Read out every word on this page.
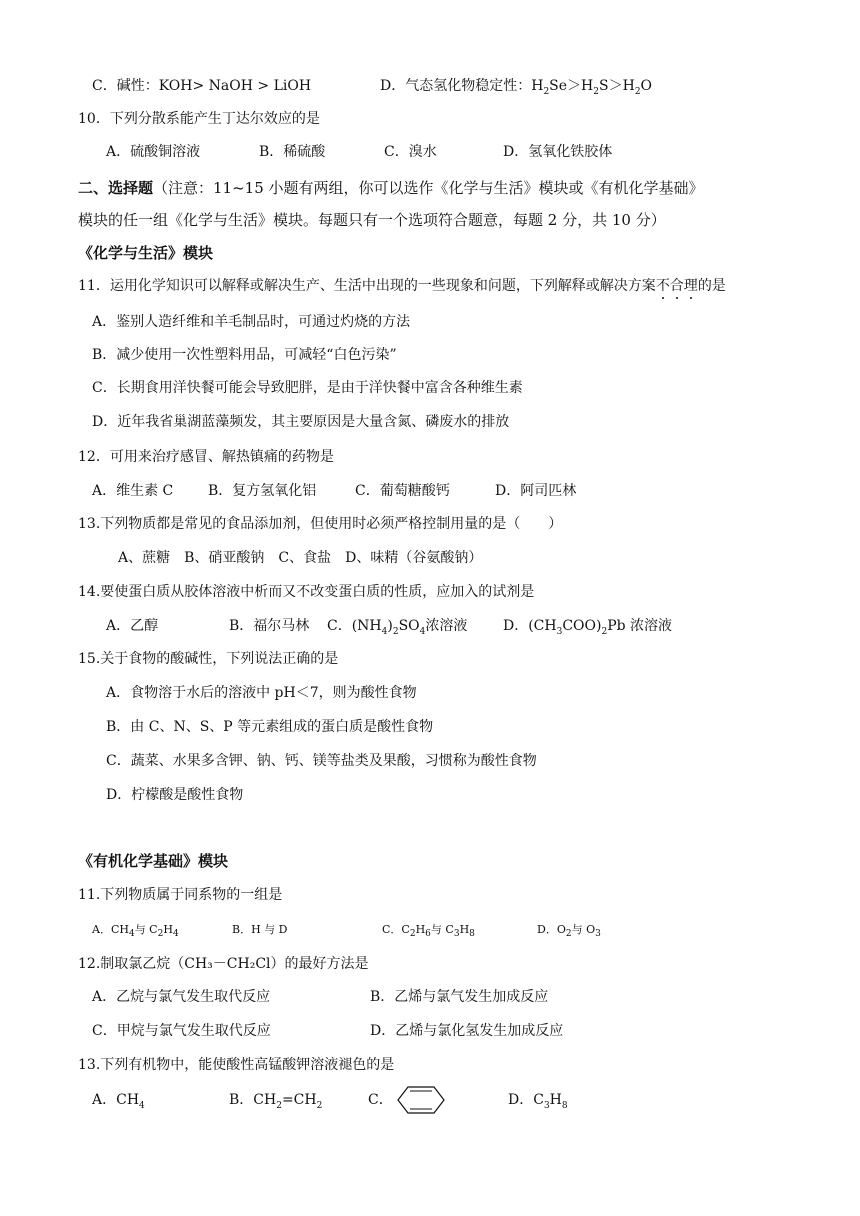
C．碱性：KOH> NaOH > LiOH	D．气态氢化物稳定性：$H_2Se>H_2S>H_2O$
10．下列分散系能产生丁达尔效应的是
A．硫酸铜溶液	B．稀硫酸	C．溴水	D．氢氧化铁胶体
二、选择题（注意：11~15 小题有两组，你可以选作《化学与生活》模块或《有机化学基础》
模块的任一组《化学与生活》模块。每题只有一个选项符合题意，每题 2 分，共 10 分）
《化学与生活》模块
11．运用化学知识可以解释或解决生产、生活中出现的一些现象和问题，下列解释或解决方案不合理
的是
A．鉴别人造纤维和羊毛制品时，可通过灼烧的方法
B．减少使用一次性塑料用品，可减轻“白色污染”
C．长期食用洋快餐可能会导致肥胖，是由于洋快餐中富含各种维生素
D．近年我省巢湖蓝藻频发，其主要原因是大量含氮、磷废水的排放
12．可用来治疗感冒、解热镇痛的药物是
A．维生素 C B．复方氢氧化铝	C．葡萄糖酸钙	D．阿司匹林
13.下列物质都是常见的食品添加剂，但使用时必须严格控制用量的是（　　）
A、蔗糖　B、硝亚酸钠　C、食盐　D、味精（谷氨酸钠）
14.要使蛋白质从胶体溶液中析而又不改变蛋白质的性质，应加入的试剂是
A．乙醇	B．福尔马林 C．$(NH_4)_2SO_4$浓溶液	D．$(CH_3COO)_2Pb$ 浓溶液
15.关于食物的酸碱性，下列说法正确的是
A．食物溶于水后的溶液中 pH＜7，则为酸性食物
B．由 C、N、S、P 等元素组成的蛋白质是酸性食物
C．蔬菜、水果多含钾、钠、钙、镁等盐类及果酸，习惯称为酸性食物
D．柠檬酸是酸性食物
《有机化学基础》模块
11.下列物质属于同系物的一组是
A．$CH_4$与 $C_2H_4$	B．H 与 D	C．$C_2H_6$与 $C_3H_8$	D．$O_2$与 $O_3$
12.制取氯乙烷（CH₃－CH₂Cl）的最好方法是
A．乙烷与氯气发生取代反应	B．乙烯与氯气发生加成反应
C．甲烷与氯气发生取代反应	D．乙烯与氯化氢发生加成反应
13.下列有机物中，能使酸性高锰酸钾溶液褪色的是
A．$CH_4$	B．$CH_2=CH_2$	C．	D．$C_3H_8$
